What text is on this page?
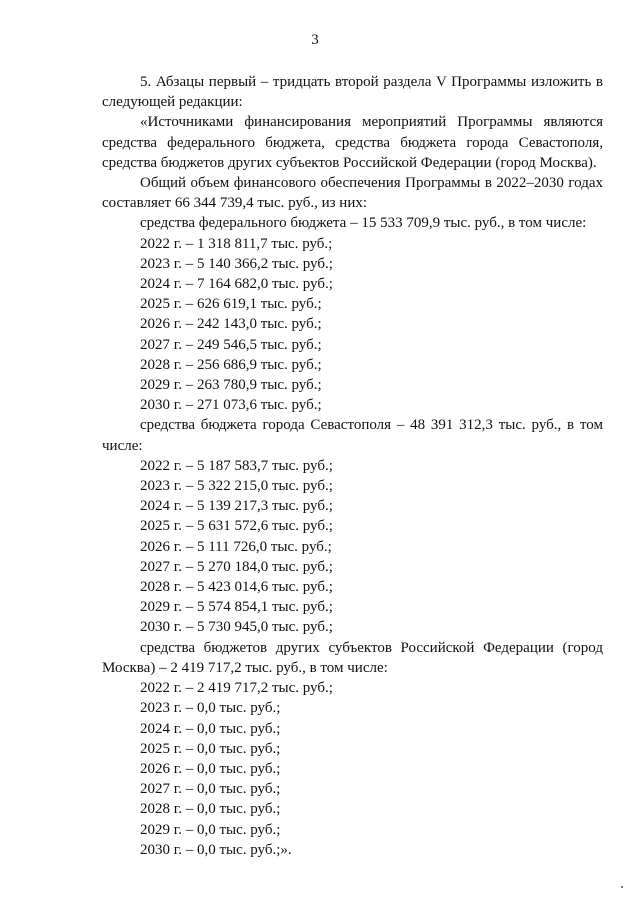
3

5. Абзацы первый – тридцать второй раздела V Программы изложить в следующей редакции:

«Источниками финансирования мероприятий Программы являются средства федерального бюджета, средства бюджета города Севастополя, средства бюджетов других субъектов Российской Федерации (город Москва).

Общий объем финансового обеспечения Программы в 2022–2030 годах составляет 66 344 739,4 тыс. руб., из них:

средства федерального бюджета – 15 533 709,9 тыс. руб., в том числе:

2022 г. – 1 318 811,7 тыс. руб.;

2023 г. – 5 140 366,2 тыс. руб.;

2024 г. – 7 164 682,0 тыс. руб.;

2025 г. – 626 619,1 тыс. руб.;

2026 г. – 242 143,0 тыс. руб.;

2027 г. – 249 546,5 тыс. руб.;

2028 г. – 256 686,9 тыс. руб.;

2029 г. – 263 780,9 тыс. руб.;

2030 г. – 271 073,6 тыс. руб.;

средства бюджета города Севастополя – 48 391 312,3 тыс. руб., в том числе:

2022 г. – 5 187 583,7 тыс. руб.;

2023 г. – 5 322 215,0 тыс. руб.;

2024 г. – 5 139 217,3 тыс. руб.;

2025 г. – 5 631 572,6 тыс. руб.;

2026 г. – 5 111 726,0 тыс. руб.;

2027 г. – 5 270 184,0 тыс. руб.;

2028 г. – 5 423 014,6 тыс. руб.;

2029 г. – 5 574 854,1 тыс. руб.;

2030 г. – 5 730 945,0 тыс. руб.;

средства бюджетов других субъектов Российской Федерации (город Москва) – 2 419 717,2 тыс. руб., в том числе:

2022 г. – 2 419 717,2 тыс. руб.;

2023 г. – 0,0 тыс. руб.;

2024 г. – 0,0 тыс. руб.;

2025 г. – 0,0 тыс. руб.;

2026 г. – 0,0 тыс. руб.;

2027 г. – 0,0 тыс. руб.;

2028 г. – 0,0 тыс. руб.;

2029 г. – 0,0 тыс. руб.;

2030 г. – 0,0 тыс. руб.;».
